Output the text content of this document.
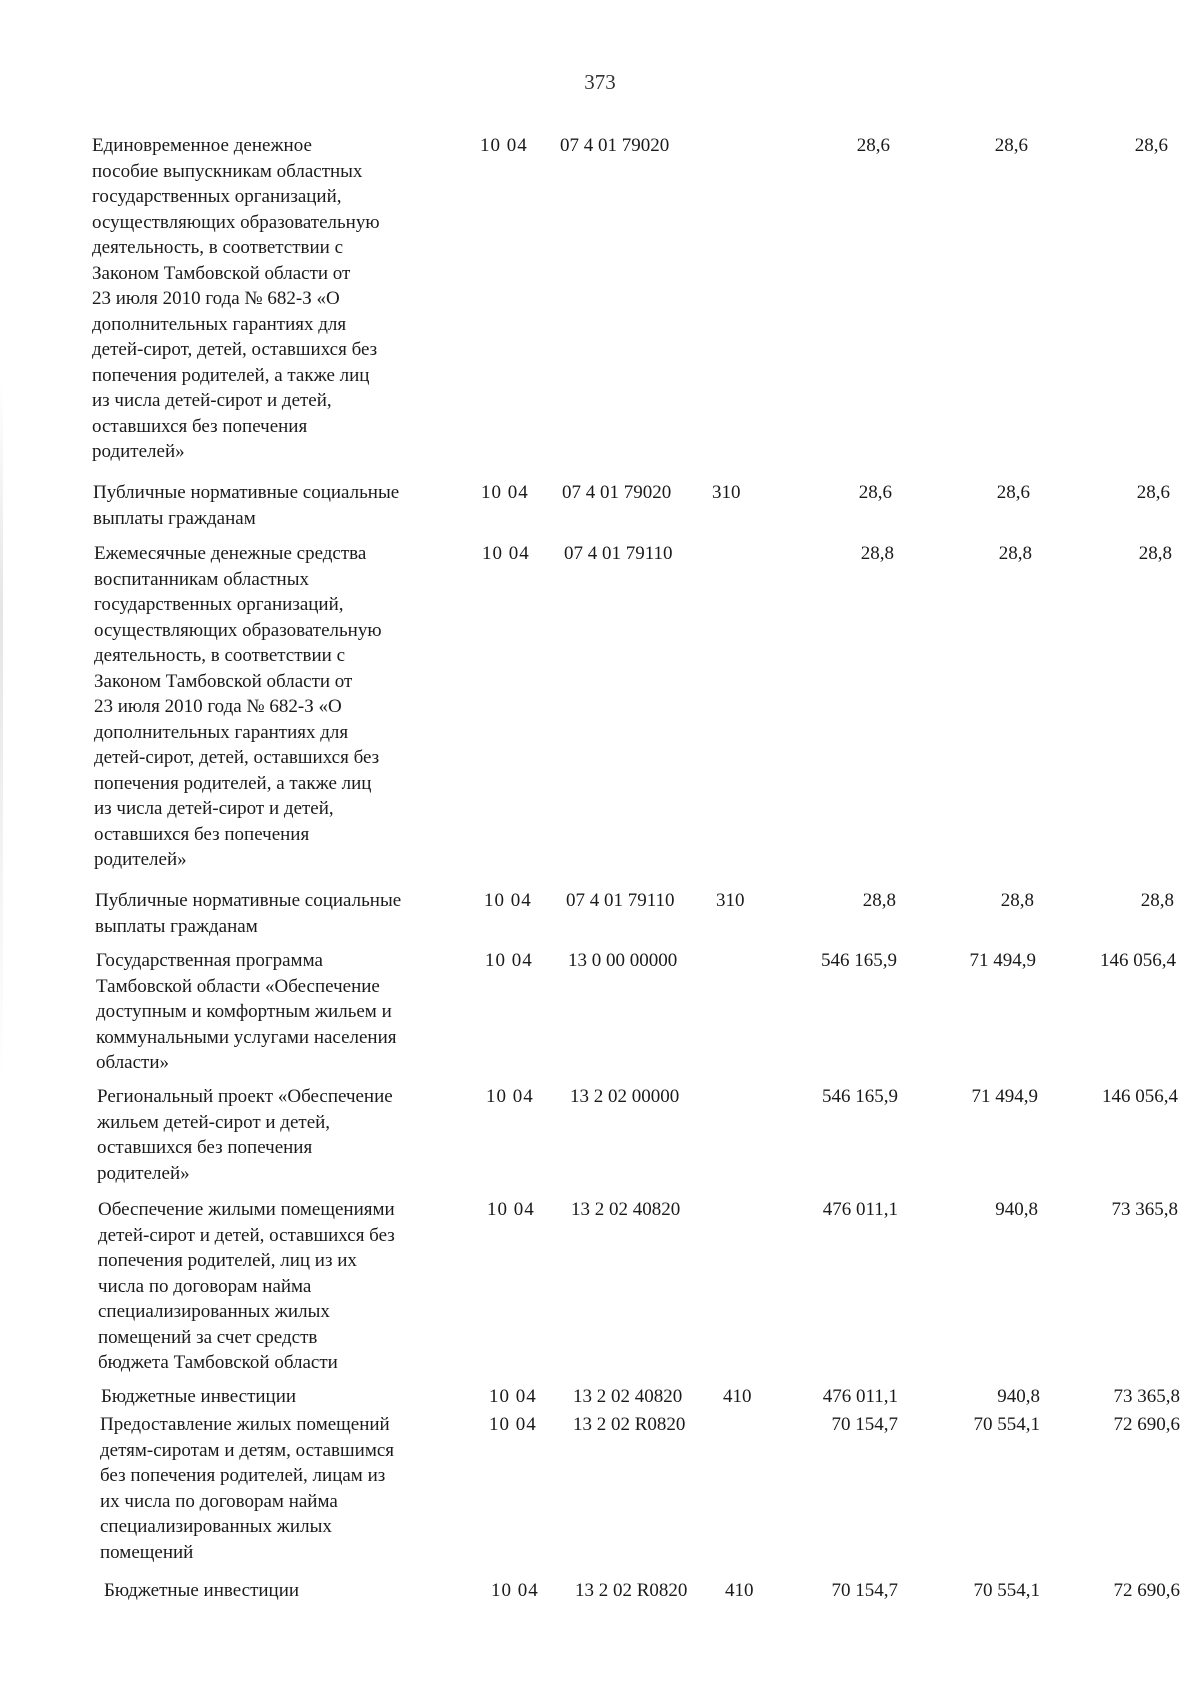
373
Единовременное денежное
пособие выпускникам областных
государственных организаций,
осуществляющих образовательную
деятельность, в соответствии с
Законом Тамбовской области от
23 июля 2010 года № 682-З «О
дополнительных гарантиях для
детей-сирот, детей, оставшихся без
попечения родителей, а также лиц
из числа детей-сирот и детей,
оставшихся без попечения
родителей»
10 04 07 4 01 79020	28,6	28,6	28,6
Публичные нормативные социальные
выплаты гражданам
10 04 07 4 01 79020 310	28,6	28,6	28,6
Ежемесячные денежные средства
воспитанникам областных
государственных организаций,
осуществляющих образовательную
деятельность, в соответствии с
Законом Тамбовской области от
23 июля 2010 года № 682-З «О
дополнительных гарантиях для
детей-сирот, детей, оставшихся без
попечения родителей, а также лиц
из числа детей-сирот и детей,
оставшихся без попечения
родителей»
10 04 07 4 01 79110	28,8	28,8	28,8
Публичные нормативные социальные
выплаты гражданам
10 04 07 4 01 79110 310	28,8	28,8	28,8
Государственная программа
Тамбовской области «Обеспечение
доступным и комфортным жильем и
коммунальными услугами населения
области»
10 04 13 0 00 00000	546 165,9	71 494,9	146 056,4
Региональный проект «Обеспечение
жильем детей-сирот и детей,
оставшихся без попечения
родителей»
10 04 13 2 02 00000	546 165,9	71 494,9	146 056,4
Обеспечение жилыми помещениями
детей-сирот и детей, оставшихся без
попечения родителей, лиц из их
числа по договорам найма
специализированных жилых
помещений за счет средств
бюджета Тамбовской области
10 04 13 2 02 40820	476 011,1	940,8	73 365,8
Бюджетные инвестиции	10 04 13 2 02 40820 410	476 011,1	940,8	73 365,8
Предоставление жилых помещений
детям-сиротам и детям, оставшимся
без попечения родителей, лицам из
их числа по договорам найма
специализированных жилых
помещений
10 04 13 2 02 R0820	70 154,7	70 554,1	72 690,6
Бюджетные инвестиции	10 04 13 2 02 R0820 410	70 154,7	70 554,1	72 690,6
